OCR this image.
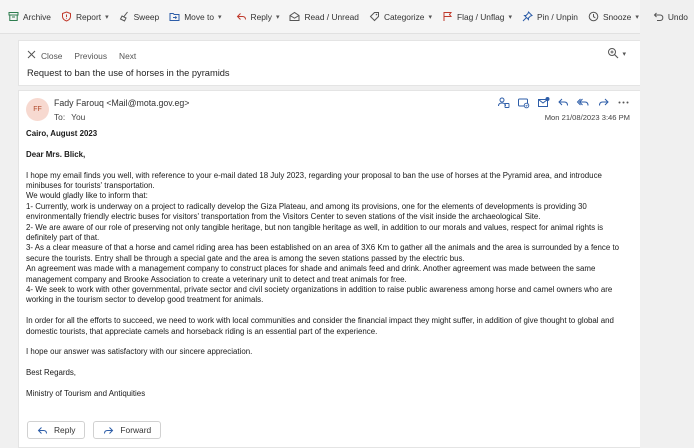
Archive	Report ▾	Sweep	Move to ▾	Reply ▾	Read / Unread	Categorize ▾	Flag / Unflag ▾	Pin / Unpin	Snooze ▾	Undo
Close Previous Next	▾
Request to ban the use of horses in the pyramids
FF
Fady Farouq <Mail@mota.gov.eg>
To: You	Mon 21/08/2023 3:46 PM

Cairo, August 2023

Dear Mrs. Blick,

I hope my email finds you well, with reference to your e-mail dated 18 July 2023, regarding your proposal to ban the use of horses at the Pyramid area, and introduce

minibuses for tourists' transportation.

We would gladly like to inform that:

1- Currently, work is underway on a project to radically develop the Giza Plateau, and among its provisions, one for the elements of developments is providing 30

environmentally friendly electric buses for visitors' transportation from the Visitors Center to seven stations of the visit inside the archaeological Site.

2- We are aware of our role of preserving not only tangible heritage, but non tangible heritage as well, in addition to our morals and values, respect for animal rights is

definitely part of that.

3- As a clear measure of that a horse and camel riding area has been established on an area of 3X6 Km to gather all the animals and the area is surrounded by a fence to

secure the tourists. Entry shall be through a special gate and the area is among the seven stations passed by the electric bus.

An agreement was made with a management company to construct places for shade and animals feed and drink. Another agreement was made between the same

management company and Brooke Association to create a veterinary unit to detect and treat animals for free.

4- We seek to work with other governmental, private sector and civil society organizations in addition to raise public awareness among horse and camel owners who are

working in the tourism sector to develop good treatment for animals.

In order for all the efforts to succeed, we need to work with local communities and consider the financial impact they might suffer, in addition of give thought to global and

domestic tourists, that appreciate camels and horseback riding is an essential part of the experience.

I hope our answer was satisfactory with our sincere appreciation.

Best Regards,

Ministry of Tourism and Antiquities

Reply	Forward
